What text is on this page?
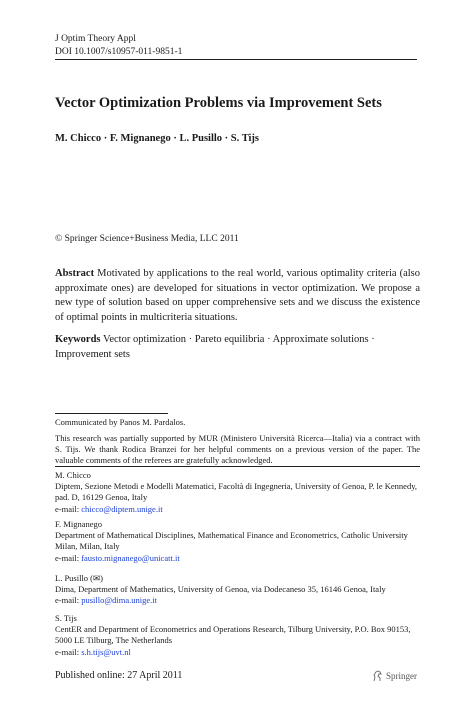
J Optim Theory Appl
DOI 10.1007/s10957-011-9851-1
Vector Optimization Problems via Improvement Sets
M. Chicco · F. Mignanego · L. Pusillo · S. Tijs
© Springer Science+Business Media, LLC 2011
Abstract Motivated by applications to the real world, various optimality criteria (also approximate ones) are developed for situations in vector optimization. We propose a new type of solution based on upper comprehensive sets and we discuss the existence of optimal points in multicriteria situations.
Keywords Vector optimization · Pareto equilibria · Approximate solutions · Improvement sets
Communicated by Panos M. Pardalos.
This research was partially supported by MUR (Ministero Università Ricerca—Italia) via a contract with S. Tijs. We thank Rodica Branzei for her helpful comments on a previous version of the paper. The valuable comments of the referees are gratefully acknowledged.
M. Chicco
Diptem, Sezione Metodi e Modelli Matematici, Facoltà di Ingegneria, University of Genoa, P. le Kennedy, pad. D, 16129 Genoa, Italy
e-mail: chicco@diptem.unige.it
F. Mignanego
Department of Mathematical Disciplines, Mathematical Finance and Econometrics, Catholic University Milan, Milan, Italy
e-mail: fausto.mignanego@unicatt.it
L. Pusillo (✉)
Dima, Department of Mathematics, University of Genoa, via Dodecaneso 35, 16146 Genoa, Italy
e-mail: pusillo@dima.unige.it
S. Tijs
CentER and Department of Econometrics and Operations Research, Tilburg University, P.O. Box 90153, 5000 LE Tilburg, The Netherlands
e-mail: s.h.tijs@uvt.nl
Published online: 27 April 2011	Springer
